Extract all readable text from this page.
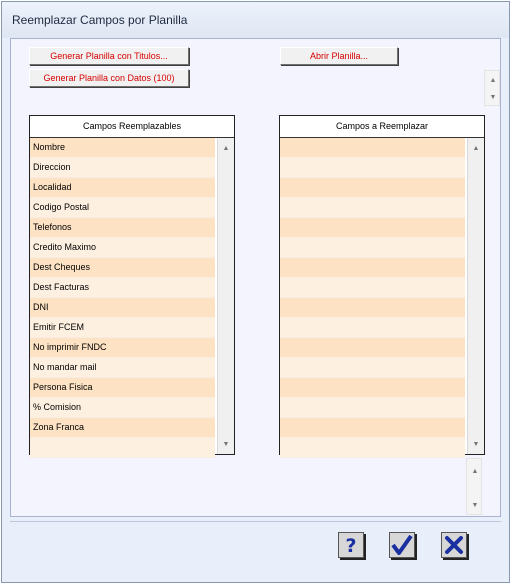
Reemplazar Campos por Planilla
Generar Planilla con Titulos...
Generar Planilla con Datos (100)
Abrir Planilla...
▲
▼
Campos Reemplazables
Nombre
Direccion
Localidad
Codigo Postal
Telefonos
Credito Maximo
Dest Cheques
Dest Facturas
DNI
Emitir FCEM
No imprimir FNDC
No mandar mail
Persona Fisica
% Comision
Zona Franca
▲
▼
Campos a Reemplazar
▲
▼
▲
▼
?
